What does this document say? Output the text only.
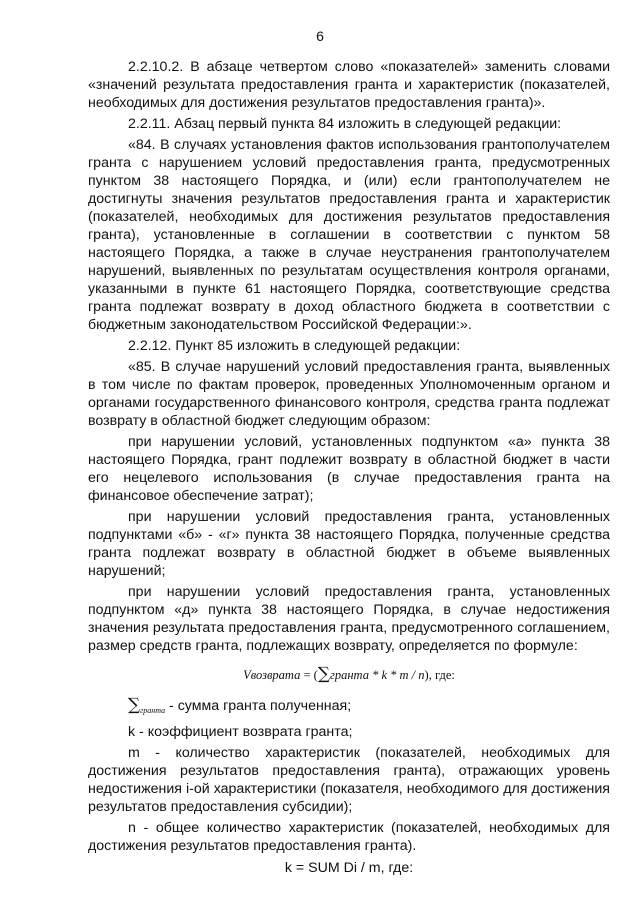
6

2.2.10.2. В абзаце четвертом слово «показателей» заменить словами «значений результата предоставления гранта и характеристик (показателей, необходимых для достижения результатов предоставления гранта)».

2.2.11. Абзац первый пункта 84 изложить в следующей редакции:

«84. В случаях установления фактов использования грантополучателем гранта с нарушением условий предоставления гранта, предусмотренных пунктом 38 настоящего Порядка, и (или) если грантополучателем не достигнуты значения результатов предоставления гранта и характеристик (показателей, необходимых для достижения результатов предоставления гранта), установленные в соглашении в соответствии с пунктом 58 настоящего Порядка, а также в случае неустранения грантополучателем нарушений, выявленных по результатам осуществления контроля органами, указанными в пункте 61 настоящего Порядка, соответствующие средства гранта подлежат возврату в доход областного бюджета в соответствии с бюджетным законодательством Российской Федерации:».

2.2.12. Пункт 85 изложить в следующей редакции:

«85. В случае нарушений условий предоставления гранта, выявленных в том числе по фактам проверок, проведенных Уполномоченным органом и органами государственного финансового контроля, средства гранта подлежат возврату в областной бюджет следующим образом:

при нарушении условий, установленных подпунктом «а» пункта 38 настоящего Порядка, грант подлежит возврату в областной бюджет в части его нецелевого использования (в случае предоставления гранта на финансовое обеспечение затрат);

при нарушении условий предоставления гранта, установленных подпунктами «б» - «г» пункта 38 настоящего Порядка, полученные средства гранта подлежат возврату в областной бюджет в объеме выявленных нарушений;

при нарушении условий предоставления гранта, установленных подпунктом «д» пункта 38 настоящего Порядка, в случае недостижения значения результата предоставления гранта, предусмотренного соглашением, размер средств гранта, подлежащих возврату, определяется по формуле:

Vвозврата = (∑гранта * k * m / n), где:

$\sum_{гранта}$ - сумма гранта полученная;

k - коэффициент возврата гранта;

m - количество характеристик (показателей, необходимых для достижения результатов предоставления гранта), отражающих уровень недостижения i-ой характеристики (показателя, необходимого для достижения результатов предоставления субсидии);

n - общее количество характеристик (показателей, необходимых для достижения результатов предоставления гранта).

k = SUM Di / m, где:
